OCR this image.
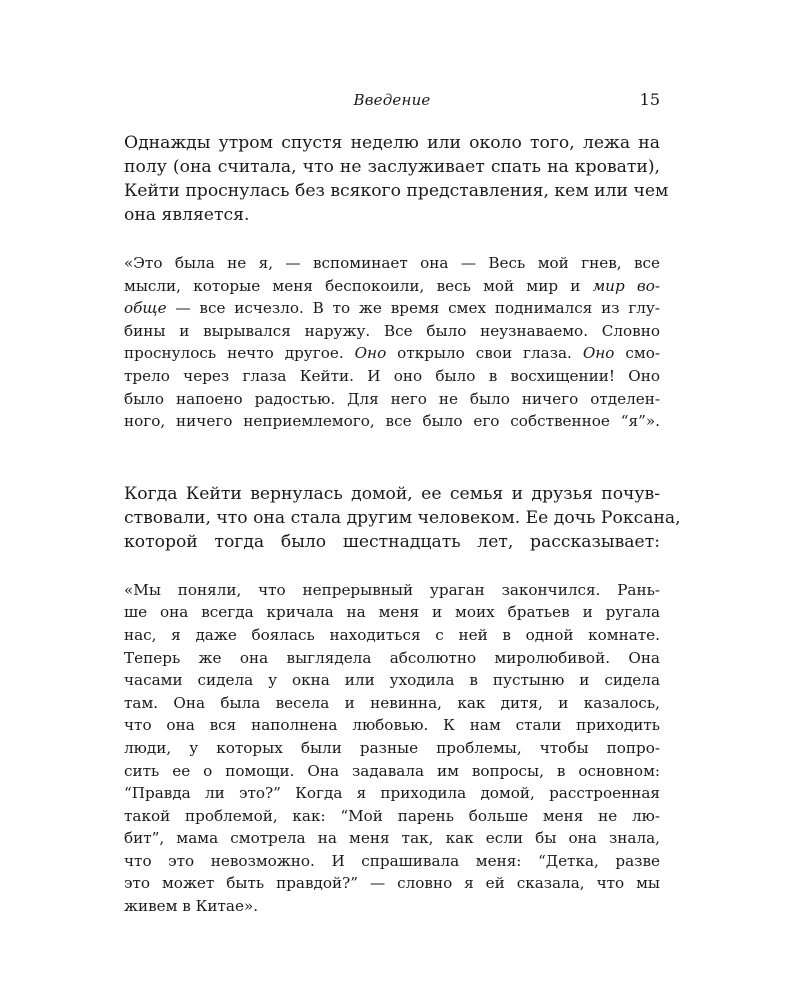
Введение	15

Однажды утром спустя неделю или около того, лежа на
полу (она считала, что не заслуживает спать на кровати),
Кейти проснулась без всякого представления, кем или чем
она является.

«Это была не я, — вспоминает она — Весь мой гнев, все
мысли, которые меня беспокоили, весь мой мир и мир во-
обще — все исчезло. В то же время смех поднимался из глу-
бины и вырывался наружу. Все было неузнаваемо. Словно
проснулось нечто другое. Оно открыло свои глаза. Оно смо-
трело через глаза Кейти. И оно было в восхищении! Оно
было напоено радостью. Для него не было ничего отделен-
ного, ничего неприемлемого, все было его собственное “я”».

Когда Кейти вернулась домой, ее семья и друзья почув-
ствовали, что она стала другим человеком. Ее дочь Роксана,
которой тогда было шестнадцать лет, рассказывает:

«Мы поняли, что непрерывный ураган закончился. Рань-
ше она всегда кричала на меня и моих братьев и ругала
нас, я даже боялась находиться с ней в одной комнате.
Теперь же она выглядела абсолютно миролюбивой. Она
часами сидела у окна или уходила в пустыню и сидела
там. Она была весела и невинна, как дитя, и казалось,
что она вся наполнена любовью. К нам стали приходить
люди, у которых были разные проблемы, чтобы попро-
сить ее о помощи. Она задавала им вопросы, в основном:
“Правда ли это?” Когда я приходила домой, расстроенная
такой проблемой, как: “Мой парень больше меня не лю-
бит”, мама смотрела на меня так, как если бы она знала,
что это невозможно. И спрашивала меня: “Детка, разве
это может быть правдой?” — словно я ей сказала, что мы
живем в Китае».
